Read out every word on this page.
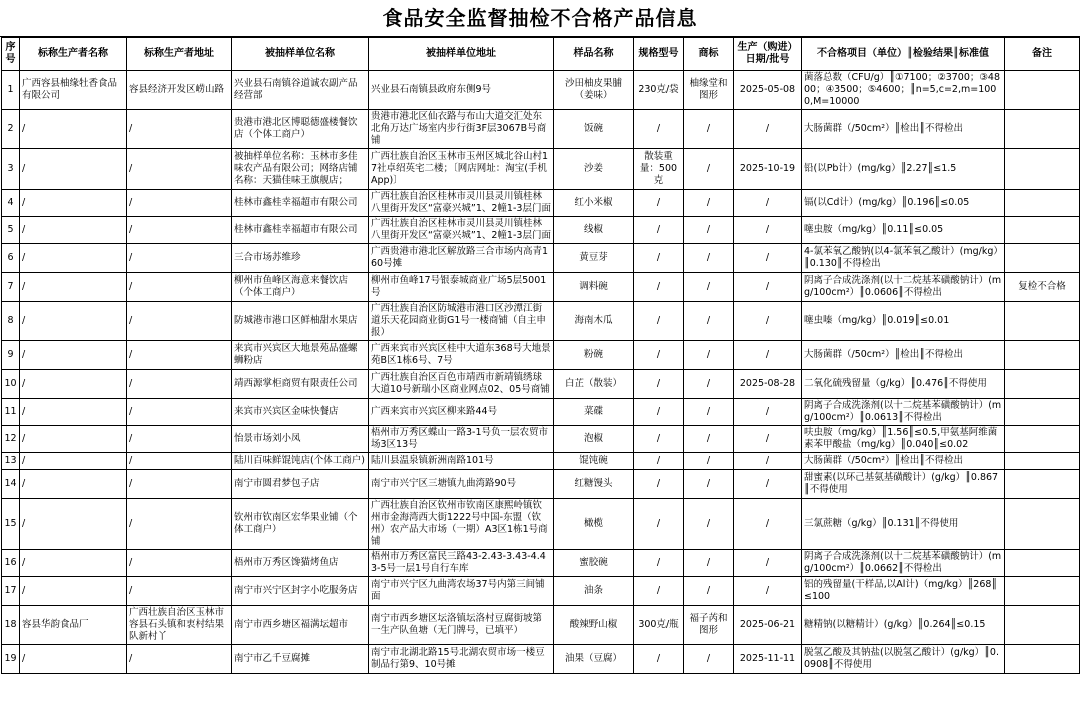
食品安全监督抽检不合格产品信息
序号	标称生产者名称	标称生产者地址	被抽样单位名称	被抽样单位地址	样品名称	规格型号	商标	生产（购进）日期/批号	不合格项目（单位）║检验结果║标准值	备注
1	广西容县柚缘牡香食品有限公司	容县经济开发区崂山路	兴业县石南镇谷道诚农副产品经营部	兴业县石南镇县政府东侧9号	沙田柚皮果脯（姜味）	230克/袋	柚缘堂和图形	2025-05-08	菌落总数（CFU/g）║①7100；②3700；③4800；④3500；⑤4600；║n=5,c=2,m=1000,M=10000	
2	/	/	贵港市港北区博聪德盛楼餐饮店（个体工商户）	贵港市港北区仙衣路与布山大道交汇处东北角万达广场室内步行街3F层3067B号商铺	饭碗	/	/	/	大肠菌群（/50cm²）║检出║不得检出	
3	/	/	被抽样单位名称：玉林市多佳味农产品有限公司；网络店铺名称：天猫佳味王旗舰店；	广西壮族自治区玉林市玉州区城北谷山村17社卓绍英宅二楼；〔网店网址：淘宝(手机App)〕	沙姜	散装重量：500克	/	2025-10-19	铅(以Pb计）(mg/kg）║2.27║≤1.5	
4	/	/	桂林市鑫桂幸福超市有限公司	广西壮族自治区桂林市灵川县灵川镇桂林八里街开发区“富豪兴城”1、2幢1-3层门面	红小米椒	/	/	/	镉(以Cd计）(mg/kg）║0.196║≤0.05	
5	/	/	桂林市鑫桂幸福超市有限公司	广西壮族自治区桂林市灵川县灵川镇桂林八里街开发区“富豪兴城”1、2幢1-3层门面	线椒	/	/	/	噻虫胺（mg/kg）║0.11║≤0.05	
6	/	/	三合市场苏维珍	广西贵港市港北区解放路三合市场内高青160号摊	黄豆芽	/	/	/	4-氯苯氧乙酸钠(以4-氯苯氧乙酸计）(mg/kg）║0.130║不得检出	
7	/	/	柳州市鱼峰区海意来餐饮店（个体工商户）	柳州市鱼峰17号银泰城商业广场5层5001号	调料碗	/	/	/	阴离子合成洗涤剂(以十二烷基苯磺酸钠计）(mg/100cm²）║0.0606║不得检出	复检不合格
8	/	/	防城港市港口区鲜柚甜水果店	广西壮族自治区防城港市港口区沙潭江街道乐天花园商业街G1号一楼商铺（自主申报）	海南木瓜	/	/	/	噻虫嗪（mg/kg）║0.019║≤0.01	
9	/	/	来宾市兴宾区大地景苑品盛螺蛳粉店	广西来宾市兴宾区桂中大道东368号大地景苑B区1栋6号、7号	粉碗	/	/	/	大肠菌群（/50cm²）║检出║不得检出	
10	/	/	靖西源掌柜商贸有限责任公司	广西壮族自治区百色市靖西市新靖镇绣球大道10号新瑞小区商业网点02、05号商铺	白芷（散装）	/	/	2025-08-28	二氧化硫残留量（g/kg）║0.476║不得使用	
11	/	/	来宾市兴宾区金味快餐店	广西来宾市兴宾区柳来路44号	菜碟	/	/	/	阴离子合成洗涤剂(以十二烷基苯磺酸钠计）(mg/100cm²）║0.0613║不得检出	
12	/	/	怡景市场刘小凤	梧州市万秀区蝶山一路3-1号负一层农贸市场3区13号	泡椒	/	/	/	呋虫胺（mg/kg）║1.56║≤0.5,甲氨基阿维菌素苯甲酸盐（mg/kg）║0.040║≤0.02	
13	/	/	陆川百味鲜馄饨店(个体工商户)	陆川县温泉镇新洲南路101号	馄饨碗	/	/	/	大肠菌群（/50cm²）║检出║不得检出	
14	/	/	南宁市圆君梦包子店	南宁市兴宁区三塘镇九曲湾路90号	红糖馒头	/	/	/	甜蜜素(以环己基氨基磺酸计）(g/kg）║0.867║不得使用	
15	/	/	钦州市钦南区宏华果业铺（个体工商户）	广西壮族自治区钦州市钦南区康熙岭镇钦州市金海湾西大街1222号中国-东盟（钦州）农产品大市场（一期）A3区1栋1号商铺	橄榄	/	/	/	三氯蔗糖（g/kg）║0.131║不得使用	
16	/	/	梧州市万秀区馋猫烤鱼店	梧州市万秀区富民三路43-2.43-3.43-4.43-5号一层1号自行车库	蜜胶碗	/	/	/	阴离子合成洗涤剂(以十二烷基苯磺酸钠计）(mg/100cm²）║0.0662║不得检出	
17	/	/	南宁市兴宁区封字小吃服务店	南宁市兴宁区九曲湾农场37号内第三间铺面	油条	/	/	/	铝的残留量(干样品,以Al计)（mg/kg）║268║≤100	
18	容县华韵食品厂	广西壮族自治区玉林市容县石头镇和衷村结果队新村丫	南宁市西乡塘区福满坛超市	南宁市西乡塘区坛洛镇坛洛村豆腐街坡第一生产队鱼塘（无门牌号，已填平）	酸辣野山椒	300克/瓶	福子芮和图形	2025-06-21	糖精钠(以糖精计）(g/kg）║0.264║≤0.15	
19	/	/	南宁市乙千豆腐摊	南宁市北湖北路15号北湖农贸市场一楼豆制品行第9、10号摊	油果（豆腐）	/	/	2025-11-11	脱氢乙酸及其钠盐(以脱氢乙酸计）(g/kg）║0.0908║不得使用	
